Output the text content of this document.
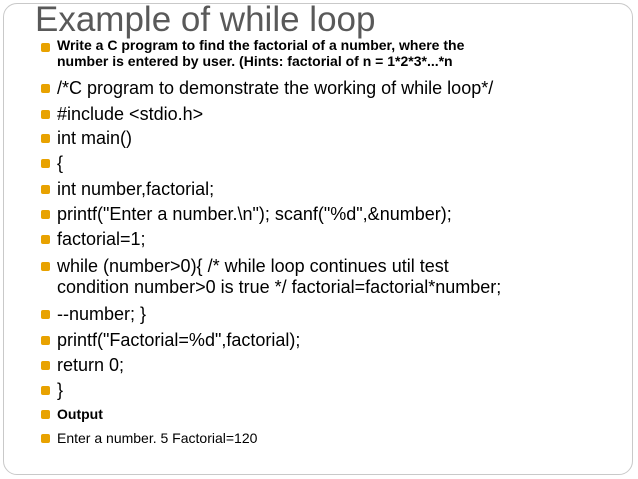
Example of while loop
Write a C program to find the factorial of a number, where the
number is entered by user. (Hints: factorial of n = 1*2*3*...*n
/*C program to demonstrate the working of while loop*/
#include <stdio.h>
int main()
{
int number,factorial;
printf("Enter a number.\n"); scanf("%d",&number);
factorial=1;
while (number>0){ /* while loop continues util test
condition number>0 is true */ factorial=factorial*number;
--number; }
printf("Factorial=%d",factorial);
return 0;
}
Output
Enter a number. 5 Factorial=120
